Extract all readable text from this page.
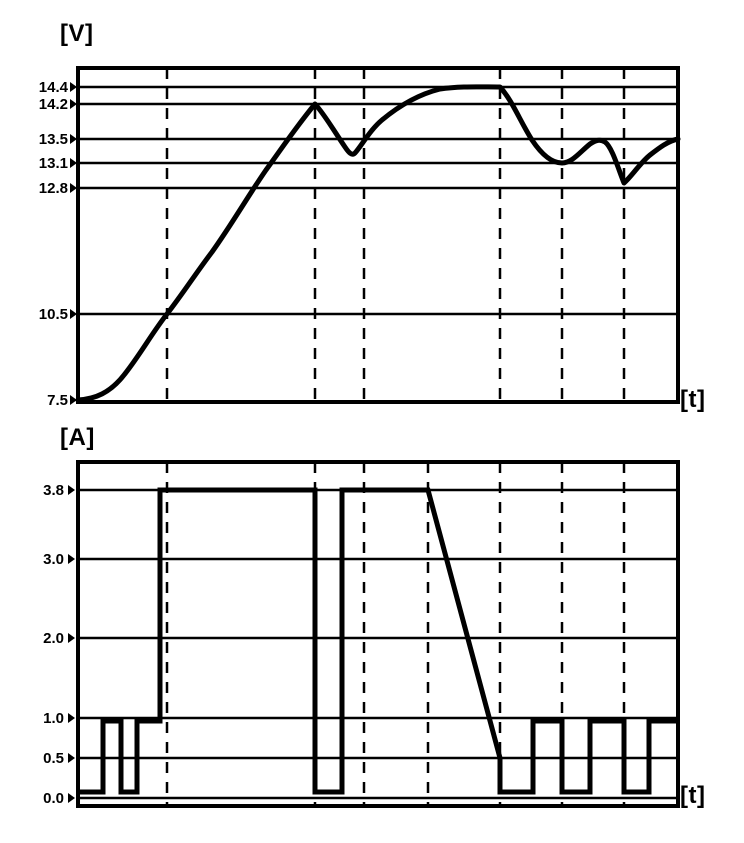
[V]
[t]
14.4
14.2
13.5
13.1
12.8
10.5
7.5
[A]
[t]
3.8
3.0
2.0
1.0
0.5
0.0
